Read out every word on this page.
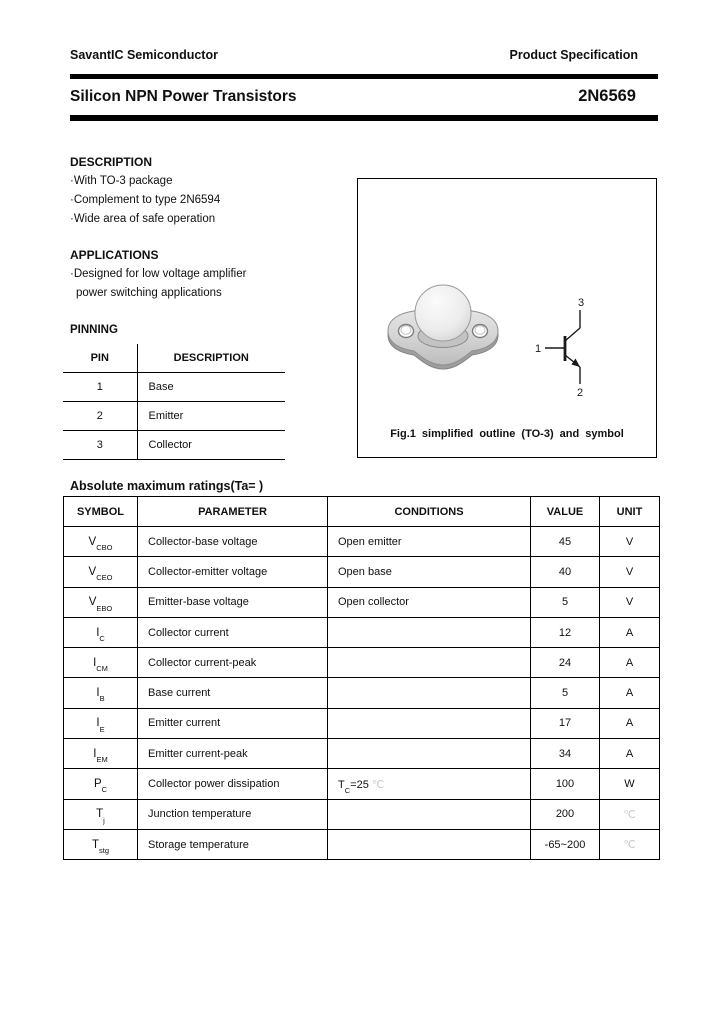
SavantIC Semiconductor	Product Specification
Silicon NPN Power Transistors	2N6569
DESCRIPTION
·With TO-3 package
·Complement to type 2N6594
·Wide area of safe operation
APPLICATIONS
·Designed for low voltage amplifier
power switching applications
PINNING
PIN	DESCRIPTION
1	Base
2	Emitter
3	Collector
3
1
2
Fig.1 simplified outline (TO-3) and symbol
Absolute maximum ratings(Ta= )
SYMBOL	PARAMETER	CONDITIONS	VALUE	UNIT
$V_{CBO}$	Collector-base voltage	Open emitter	45	V
$V_{CEO}$	Collector-emitter voltage	Open base	40	V
$V_{EBO}$	Emitter-base voltage	Open collector	5	V
$I_C$	Collector current		12	A
$I_{CM}$	Collector current-peak		24	A
$I_B$	Base current		5	A
$I_E$	Emitter current		17	A
$I_{EM}$	Emitter current-peak		34	A
$P_C$	Collector power dissipation	$T_C=25$ ℃	100	W
$T_j$	Junction temperature		200	℃
$T_{stg}$	Storage temperature		-65~200	℃
